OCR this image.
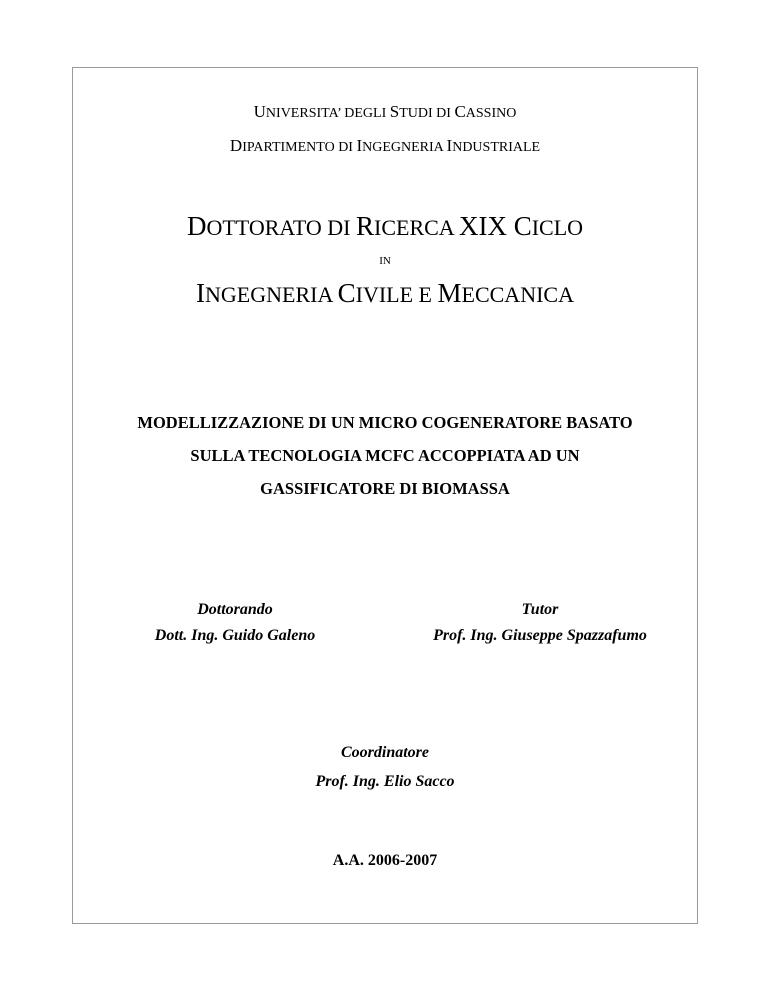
UNIVERSITA’ DEGLI STUDI DI CASSINO
DIPARTIMENTO DI INGEGNERIA INDUSTRIALE
DOTTORATO DI RICERCA XIX CICLO
IN
INGEGNERIA CIVILE E MECCANICA
MODELLIZZAZIONE DI UN MICRO COGENERATORE BASATO
SULLA TECNOLOGIA MCFC ACCOPPIATA AD UN
GASSIFICATORE DI BIOMASSA
Dottorando
Dott. Ing. Guido Galeno
Tutor
Prof. Ing. Giuseppe Spazzafumo
Coordinatore
Prof. Ing. Elio Sacco
A.A. 2006-2007
